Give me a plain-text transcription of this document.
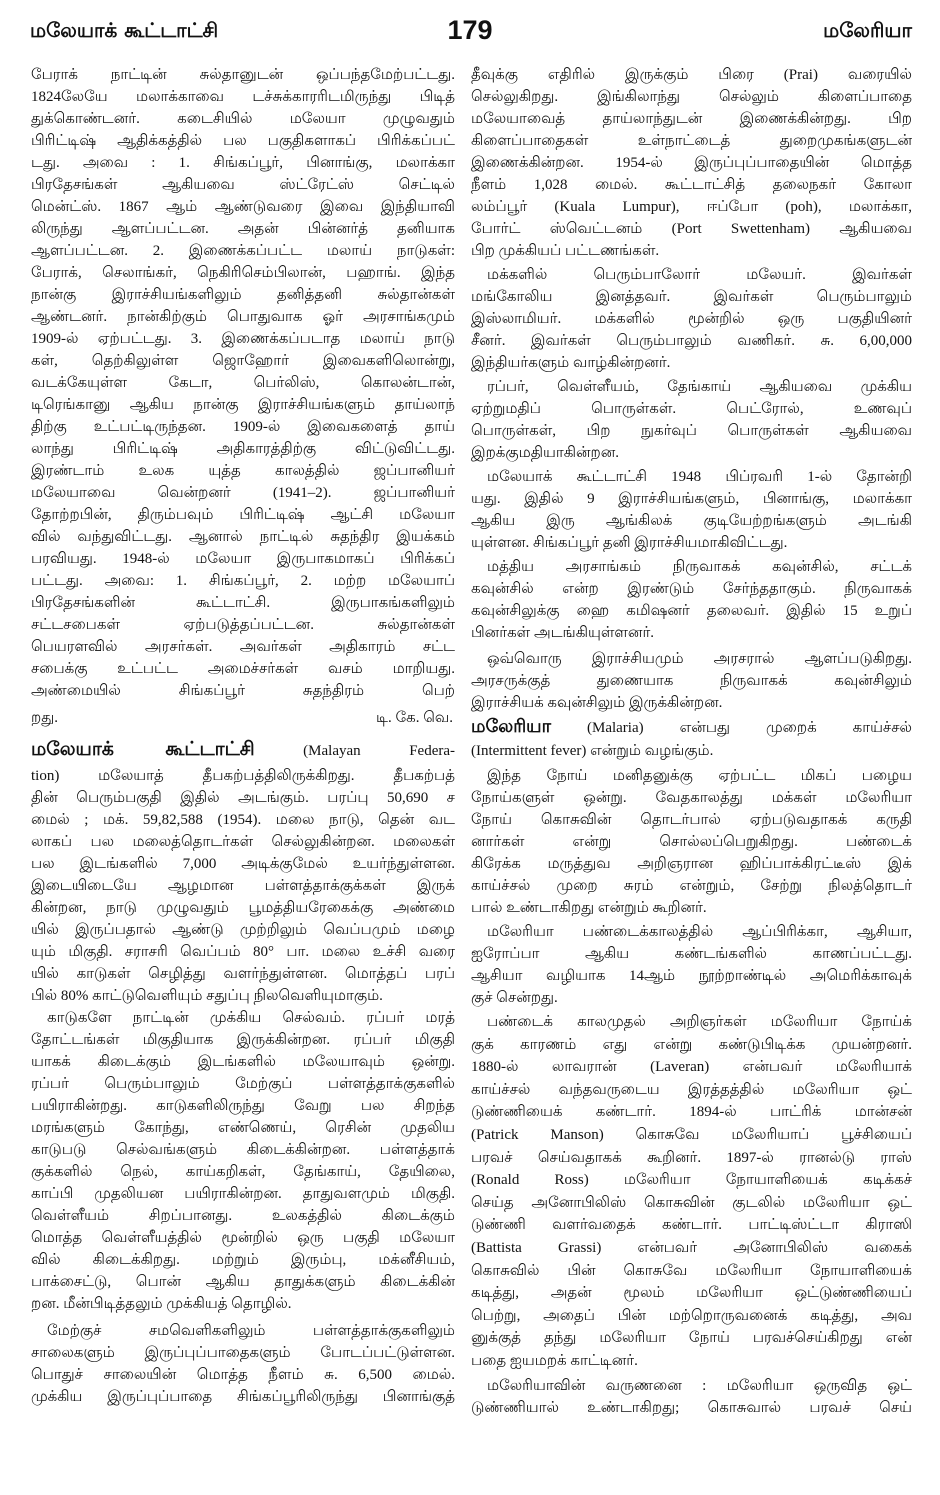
மலேயாக் கூட்டாட்சி	179	மலேரியா
பேராக் நாட்டின் சுல்தானுடன் ஒப்பந்தமேற்பட்டது.
1824லேயே மலாக்காவை டச்சுக்காரரிடமிருந்து பிடித்
துக்கொண்டனர். கடைசியில் மலேயா முழுவதும்
பிரிட்டிஷ் ஆதிக்கத்தில் பல பகுதிகளாகப் பிரிக்கப்பட்
டது. அவை : 1. சிங்கப்பூர், பினாங்கு, மலாக்கா
பிரதேசங்கள் ஆகியவை ஸ்ட்ரேட்ஸ் செட்டில்
மென்ட்ஸ். 1867 ஆம் ஆண்டுவரை இவை இந்தியாவி
லிருந்து ஆளப்பட்டன. அதன் பின்னர்த் தனியாக
ஆளப்பட்டன. 2. இணைக்கப்பட்ட மலாய் நாடுகள்:
பேராக், செலாங்கர், நெகிரிசெம்பிலான், பஹாங். இந்த
நான்கு இராச்சியங்களிலும் தனித்தனி சுல்தான்கள்
ஆண்டனர். நான்கிற்கும் பொதுவாக ஓர் அரசாங்கமும்
1909-ல் ஏற்பட்டது. 3. இணைக்கப்படாத மலாய் நாடு
கள், தெற்கிலுள்ள ஜொஹோர் இவைகளிலொன்று,
வடக்கேயுள்ள கேடா, பெர்லிஸ், கொலன்டான்,
டிரெங்கானு ஆகிய நான்கு இராச்சியங்களும் தாய்லாந்
திற்கு உட்பட்டிருந்தன. 1909-ல் இவைகளைத் தாய்
லாந்து பிரிட்டிஷ் அதிகாரத்திற்கு விட்டுவிட்டது.
இரண்டாம் உலக யுத்த காலத்தில் ஜப்பானியர்
மலேயாவை வென்றனர் (1941–2). ஜப்பானியர்
தோற்றபின், திரும்பவும் பிரிட்டிஷ் ஆட்சி மலேயா
வில் வந்துவிட்டது. ஆனால் நாட்டில் சுதந்திர இயக்கம்
பரவியது. 1948-ல் மலேயா இருபாகமாகப் பிரிக்கப்
பட்டது. அவை: 1. சிங்கப்பூர், 2. மற்ற மலேயாப்
பிரதேசங்களின் கூட்டாட்சி. இருபாகங்களிலும்
சட்டசபைகள் ஏற்படுத்தப்பட்டன. சுல்தான்கள்
பெயரளவில் அரசர்கள். அவர்கள் அதிகாரம் சட்ட
சபைக்கு உட்பட்ட அமைச்சர்கள் வசம் மாறியது.
அண்மையில் சிங்கப்பூர் சுதந்திரம் பெற்
றது.	டி. கே. வெ.
மலேயாக் கூட்டாட்சி	(Malayan Federa-
tion) மலேயாத் தீபகற்பத்திலிருக்கிறது. தீபகற்பத்
தின் பெரும்பகுதி இதில் அடங்கும். பரப்பு 50,690 ச
மைல் ; மக். 59,82,588 (1954). மலை நாடு, தென் வட
லாகப் பல மலைத்தொடர்கள் செல்லுகின்றன. மலைகள்
பல இடங்களில் 7,000 அடிக்குமேல் உயர்ந்துள்ளன.
இடையிடையே ஆழமான பள்ளத்தாக்குக்கள் இருக்
கின்றன, நாடு முழுவதும் பூமத்தியரேகைக்கு அண்மை
யில் இருப்பதால் ஆண்டு முற்றிலும் வெப்பமும் மழை
யும் மிகுதி. சராசரி வெப்பம் 80° பா. மலை உச்சி வரை
யில் காடுகள் செழித்து வளர்ந்துள்ளன. மொத்தப் பரப்
பில் 80% காட்டுவெளியும் சதுப்பு நிலவெளியுமாகும்.
காடுகளே நாட்டின் முக்கிய செல்வம். ரப்பர் மரத்
தோட்டங்கள் மிகுதியாக இருக்கின்றன. ரப்பர் மிகுதி
யாகக் கிடைக்கும் இடங்களில் மலேயாவும் ஒன்று.
ரப்பர் பெரும்பாலும் மேற்குப் பள்ளத்தாக்குகளில்
பயிராகின்றது. காடுகளிலிருந்து வேறு பல சிறந்த
மரங்களும் கோந்து, எண்ணெய், ரெசின் முதலிய
காடுபடு செல்வங்களும் கிடைக்கின்றன. பள்ளத்தாக்
குக்களில் நெல், காய்கறிகள், தேங்காய், தேயிலை,
காப்பி முதலியன பயிராகின்றன. தாதுவளமும் மிகுதி.
வெள்ளீயம் சிறப்பானது. உலகத்தில் கிடைக்கும்
மொத்த வெள்ளீயத்தில் மூன்றில் ஒரு பகுதி மலேயா
வில் கிடைக்கிறது. மற்றும் இரும்பு, மக்னீசியம்,
பாக்சைட்டு, பொன் ஆகிய தாதுக்களும் கிடைக்கின்
றன. மீன்பிடித்தலும் முக்கியத் தொழில்.
மேற்குச் சமவெளிகளிலும் பள்ளத்தாக்குகளிலும்
சாலைகளும் இருப்புப்பாதைகளும் போடப்பட்டுள்ளன.
பொதுச் சாலையின் மொத்த நீளம் சு. 6,500 மைல்.
முக்கிய இருப்புப்பாதை சிங்கப்பூரிலிருந்து பினாங்குத்
தீவுக்கு எதிரில் இருக்கும் பிரை (Prai) வரையில்
செல்லுகிறது. இங்கிலாந்து செல்லும் கிளைப்பாதை
மலேயாவைத் தாய்லாந்துடன் இணைக்கின்றது. பிற
கிளைப்பாதைகள் உள்நாட்டைத் துறைமுகங்களுடன்
இணைக்கின்றன. 1954-ல் இருப்புப்பாதையின் மொத்த
நீளம் 1,028 மைல். கூட்டாட்சித் தலைநகர் கோலா
லம்ப்பூர் (Kuala Lumpur), ஈப்போ (poh), மலாக்கா,
போர்ட் ஸ்வெட்டனம் (Port Swettenham) ஆகியவை
பிற முக்கியப் பட்டணங்கள்.
மக்களில் பெரும்பாலோர் மலேயர். இவர்கள்
மங்கோலிய இனத்தவர். இவர்கள் பெரும்பாலும்
இஸ்லாமியர். மக்களில் மூன்றில் ஒரு பகுதியினர்
சீனர். இவர்கள் பெரும்பாலும் வணிகர். சு. 6,00,000
இந்தியர்களும் வாழ்கின்றனர்.
ரப்பர், வெள்ளீயம், தேங்காய் ஆகியவை முக்கிய
ஏற்றுமதிப் பொருள்கள். பெட்ரோல், உணவுப்
பொருள்கள், பிற நுகர்வுப் பொருள்கள் ஆகியவை
இறக்குமதியாகின்றன.
மலேயாக் கூட்டாட்சி 1948 பிப்ரவரி 1-ல் தோன்றி
யது. இதில் 9 இராச்சியங்களும், பினாங்கு, மலாக்கா
ஆகிய இரு ஆங்கிலக் குடியேற்றங்களும் அடங்கி
யுள்ளன. சிங்கப்பூர் தனி இராச்சியமாகிவிட்டது.
மத்திய அரசாங்கம் நிருவாகக் கவுன்சில், சட்டக்
கவுன்சில் என்ற இரண்டும் சேர்ந்ததாகும். நிருவாகக்
கவுன்சிலுக்கு ஹை கமிஷனர் தலைவர். இதில் 15 உறுப்
பினர்கள் அடங்கியுள்ளனர்.
ஒவ்வொரு இராச்சியமும் அரசரால் ஆளப்படுகிறது.
அரசருக்குத் துணையாக நிருவாகக் கவுன்சிலும்
இராச்சியக் கவுன்சிலும் இருக்கின்றன.
மலேரியா (Malaria) என்பது முறைக் காய்ச்சல்
(Intermittent fever) என்றும் வழங்கும்.
இந்த நோய் மனிதனுக்கு ஏற்பட்ட மிகப் பழைய
நோய்களுள் ஒன்று. வேதகாலத்து மக்கள் மலேரியா
நோய் கொசுவின் தொடர்பால் ஏற்படுவதாகக் கருதி
னார்கள் என்று சொல்லப்பெறுகிறது. பண்டைக்
கிரேக்க மருத்துவ அறிஞரான ஹிப்பாக்கிரட்டீஸ் இக்
காய்ச்சல் முறை சுரம் என்றும், சேற்று நிலத்தொடர்
பால் உண்டாகிறது என்றும் கூறினர்.
மலேரியா பண்டைக்காலத்தில் ஆப்பிரிக்கா, ஆசியா,
ஐரோப்பா ஆகிய கண்டங்களில் காணப்பட்டது.
ஆசியா வழியாக 14ஆம் நூற்றாண்டில் அமெரிக்காவுக்
குச் சென்றது.
பண்டைக் காலமுதல் அறிஞர்கள் மலேரியா நோய்க்
குக் காரணம் எது என்று கண்டுபிடிக்க முயன்றனர்.
1880-ல் லாவரான் (Laveran) என்பவர் மலேரியாக்
காய்ச்சல் வந்தவருடைய இரத்தத்தில் மலேரியா ஒட்
டுண்ணியைக் கண்டார். 1894-ல் பாட்ரிக் மான்சன்
(Patrick Manson) கொசுவே மலேரியாப் பூச்சியைப்
பரவச் செய்வதாகக் கூறினர். 1897-ல் ரானல்டு ராஸ்
(Ronald Ross) மலேரியா நோயாளியைக் கடிக்கச்
செய்த அனோபிலிஸ் கொசுவின் குடலில் மலேரியா ஒட்
டுண்ணி வளர்வதைக் கண்டார். பாட்டிஸ்ட்டா கிராஸி
(Battista Grassi) என்பவர் அனோபிலிஸ் வகைக்
கொசுவில் பின் கொசுவே மலேரியா நோயாளியைக்
கடித்து, அதன் மூலம் மலேரியா ஒட்டுண்ணியைப்
பெற்று, அதைப் பின் மற்றொருவனைக் கடித்து, அவ
னுக்குத் தந்து மலேரியா நோய் பரவச்செய்கிறது என்
பதை ஐயமறக் காட்டினர்.
மலேரியாவின் வருணனை : மலேரியா ஒருவித ஒட்
டுண்ணியால் உண்டாகிறது; கொசுவால் பரவச் செய்
